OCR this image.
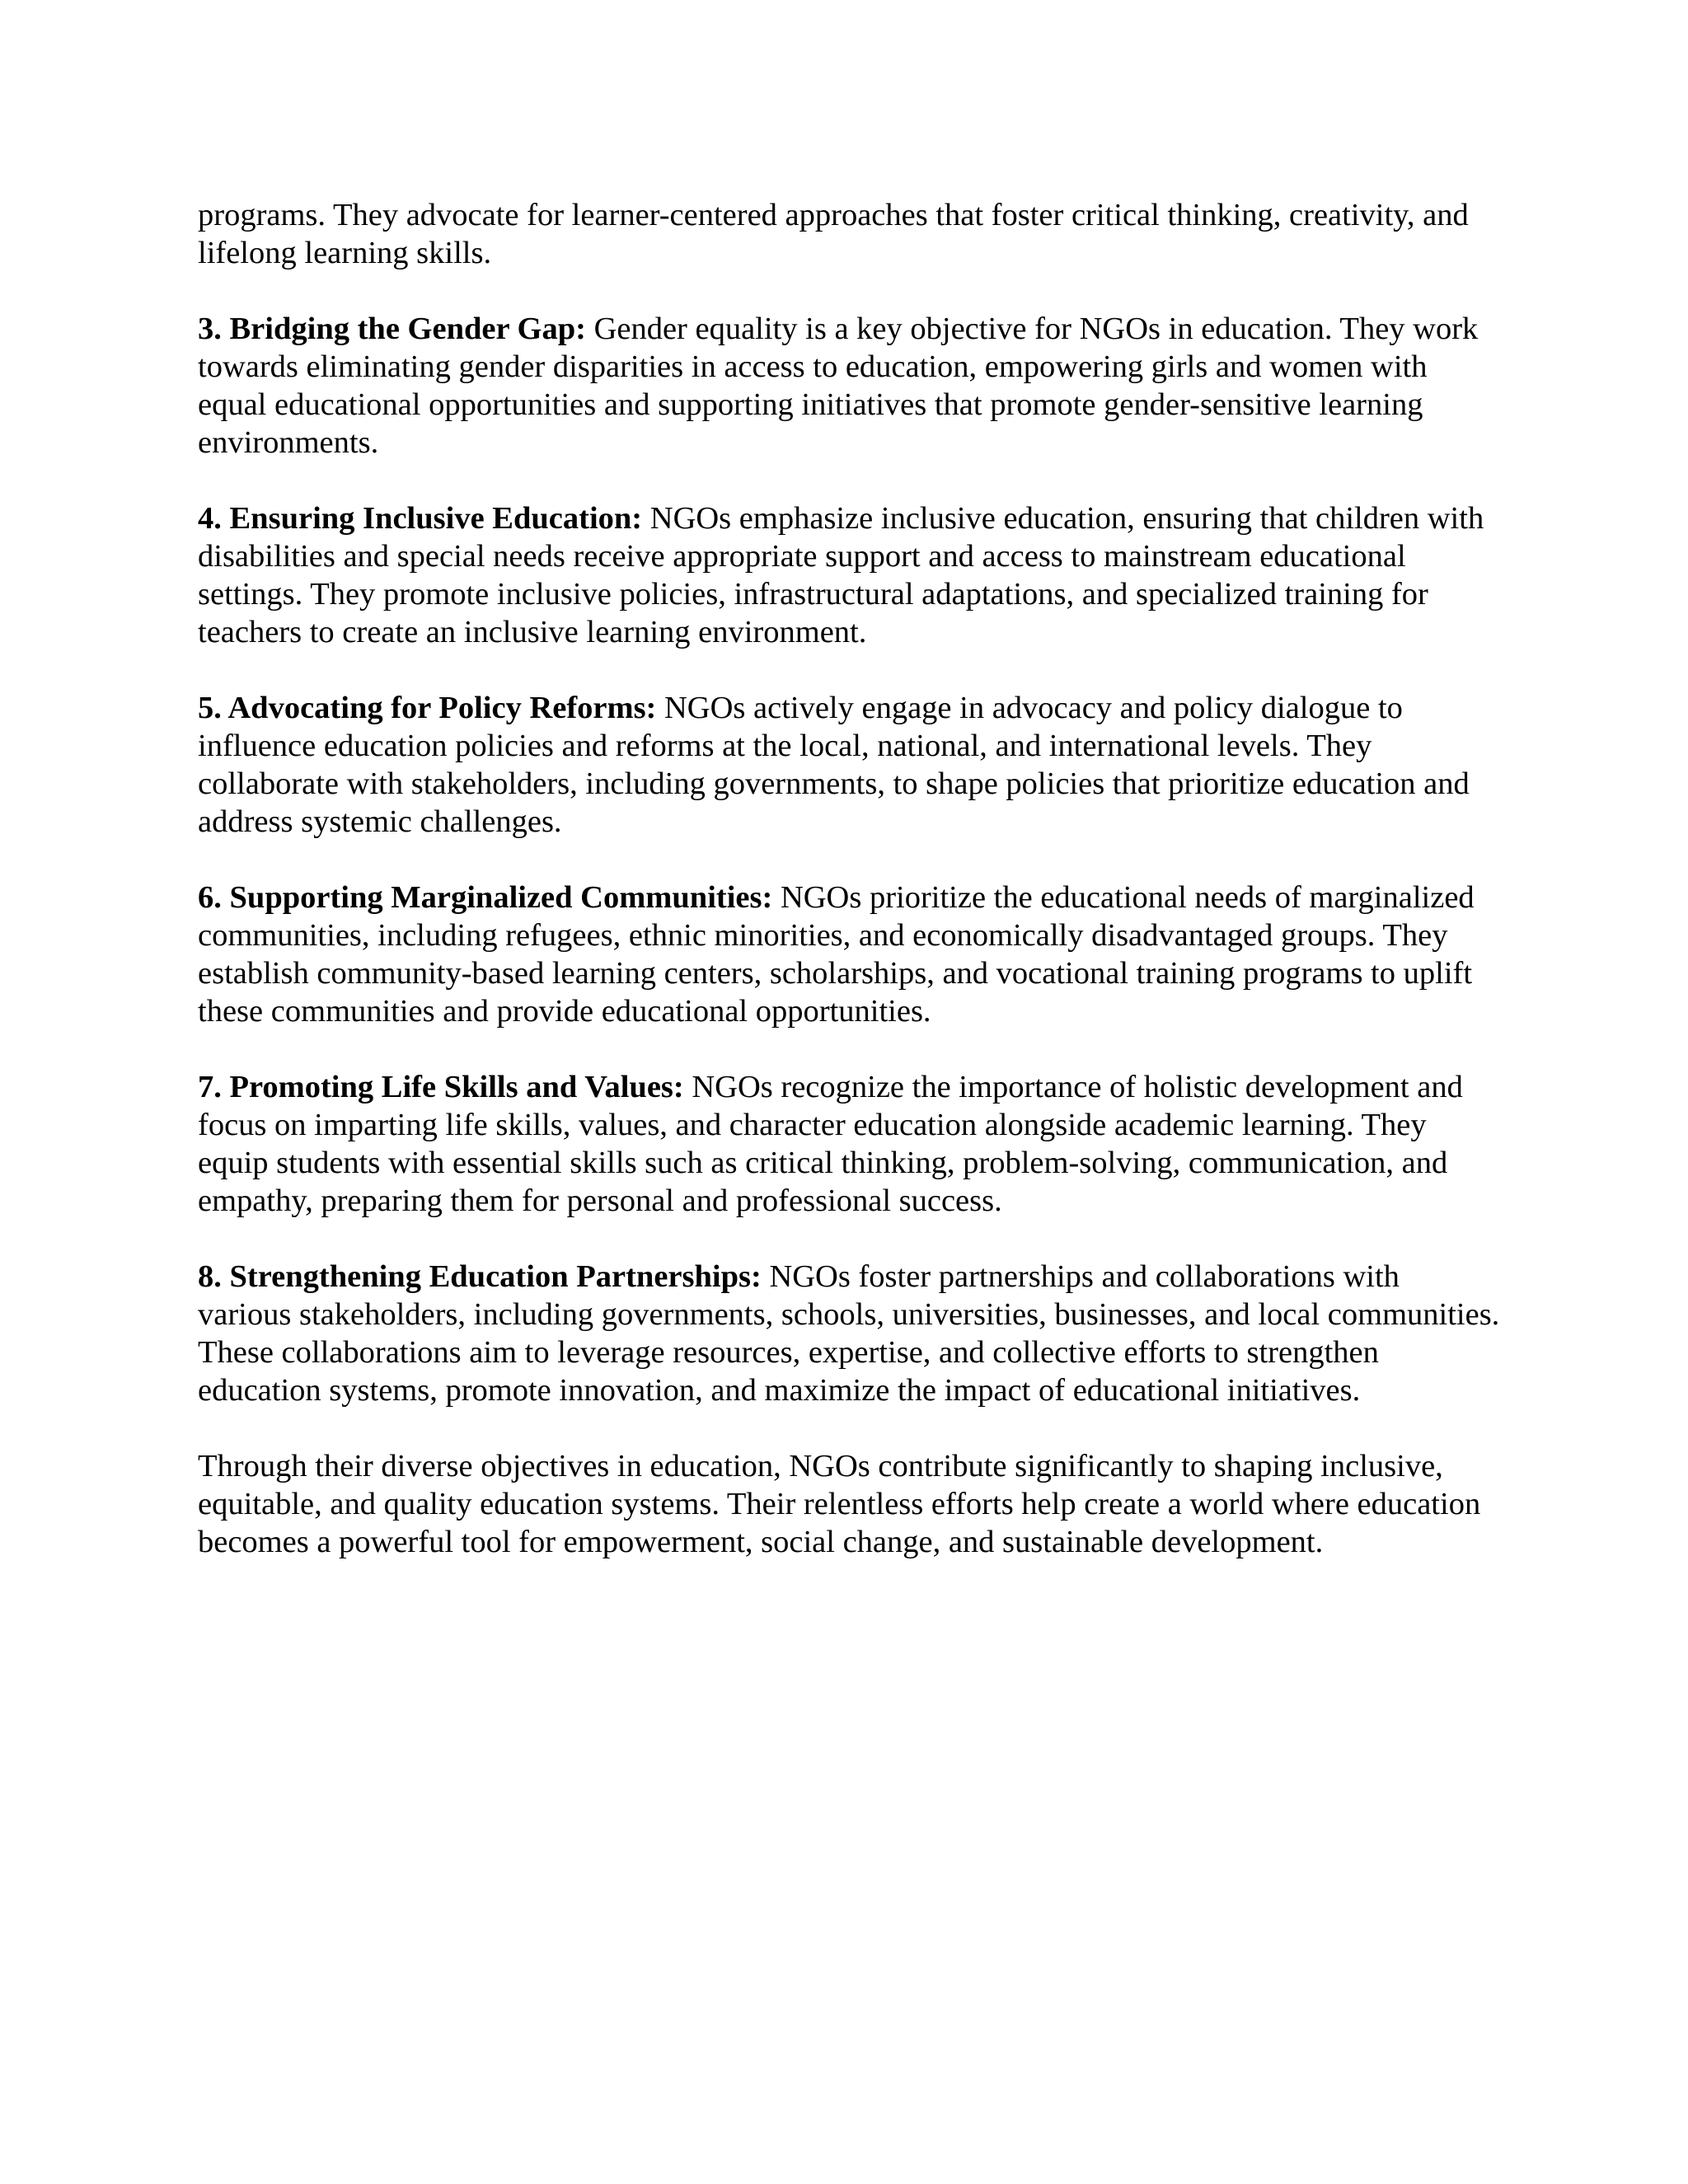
programs. They advocate for learner-centered approaches that foster critical thinking, creativity, and lifelong learning skills.

3. Bridging the Gender Gap: Gender equality is a key objective for NGOs in education. They work towards eliminating gender disparities in access to education, empowering girls and women with equal educational opportunities and supporting initiatives that promote gender-sensitive learning environments.

4. Ensuring Inclusive Education: NGOs emphasize inclusive education, ensuring that children with disabilities and special needs receive appropriate support and access to mainstream educational settings. They promote inclusive policies, infrastructural adaptations, and specialized training for teachers to create an inclusive learning environment.

5. Advocating for Policy Reforms: NGOs actively engage in advocacy and policy dialogue to influence education policies and reforms at the local, national, and international levels. They collaborate with stakeholders, including governments, to shape policies that prioritize education and address systemic challenges.

6. Supporting Marginalized Communities: NGOs prioritize the educational needs of marginalized communities, including refugees, ethnic minorities, and economically disadvantaged groups. They establish community-based learning centers, scholarships, and vocational training programs to uplift these communities and provide educational opportunities.

7. Promoting Life Skills and Values: NGOs recognize the importance of holistic development and focus on imparting life skills, values, and character education alongside academic learning. They equip students with essential skills such as critical thinking, problem-solving, communication, and empathy, preparing them for personal and professional success.

8. Strengthening Education Partnerships: NGOs foster partnerships and collaborations with various stakeholders, including governments, schools, universities, businesses, and local communities. These collaborations aim to leverage resources, expertise, and collective efforts to strengthen education systems, promote innovation, and maximize the impact of educational initiatives.

Through their diverse objectives in education, NGOs contribute significantly to shaping inclusive, equitable, and quality education systems. Their relentless efforts help create a world where education becomes a powerful tool for empowerment, social change, and sustainable development.
